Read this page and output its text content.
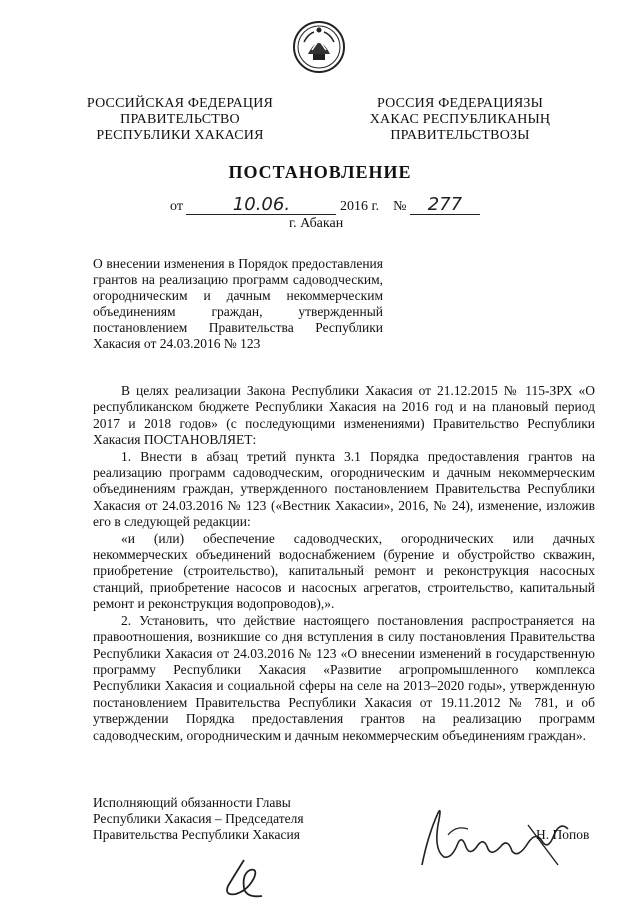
РОССИЙСКАЯ ФЕДЕРАЦИЯ
ПРАВИТЕЛЬСТВО
РЕСПУБЛИКИ ХАКАСИЯ
РОССИЯ ФЕДЕРАЦИЯЗЫ
ХАКАС РЕСПУБЛИКАНЫҢ
ПРАВИТЕЛЬСТВОЗЫ
ПОСТАНОВЛЕНИЕ
от	10.06.	2016 г. № 277
г. Абакан
О внесении изменения в Порядок предоставления грантов на реализацию программ садоводческим, огородническим и дачным некоммерческим объединениям граждан, утвержденный постановлением Правительства Республики Хакасия от 24.03.2016 № 123

В целях реализации Закона Республики Хакасия от 21.12.2015 № 115-ЗРХ «О республиканском бюджете Республики Хакасия на 2016 год и на плановый период 2017 и 2018 годов» (с последующими изменениями) Правительство Республики Хакасия ПОСТАНОВЛЯЕТ:

1. Внести в абзац третий пункта 3.1 Порядка предоставления грантов на реализацию программ садоводческим, огородническим и дачным некоммерческим объединениям граждан, утвержденного постановлением Правительства Республики Хакасия от 24.03.2016 № 123 («Вестник Хакасии», 2016, № 24), изменение, изложив его в следующей редакции:

«и (или) обеспечение садоводческих, огороднических или дачных некоммерческих объединений водоснабжением (бурение и обустройство скважин, приобретение (строительство), капитальный ремонт и реконструкция насосных станций, приобретение насосов и насосных агрегатов, строительство, капитальный ремонт и реконструкция водопроводов),».

2. Установить, что действие настоящего постановления распространяется на правоотношения, возникшие со дня вступления в силу постановления Правительства Республики Хакасия от 24.03.2016 № 123 «О внесении изменений в государственную программу Республики Хакасия «Развитие агропромышленного комплекса Республики Хакасия и социальной сферы на селе на 2013–2020 годы», утвержденную постановлением Правительства Республики Хакасия от 19.11.2012 № 781, и об утверждении Порядка предоставления грантов на реализацию программ садоводческим, огородническим и дачным некоммерческим объединениям граждан».

Исполняющий обязанности Главы
Республики Хакасия – Председателя
Правительства Республики Хакасия	Н. Попов
